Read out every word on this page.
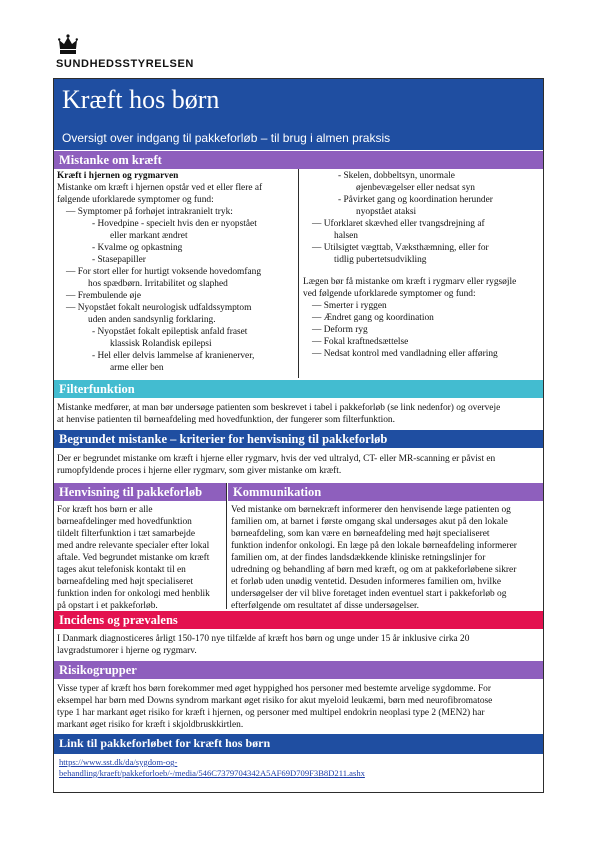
SUNDHEDSSTYRELSEN
Kræft hos børn
Oversigt over indgang til pakkeforløb – til brug i almen praksis
Mistanke om kræft
Kræft i hjernen og rygmarven
Mistanke om kræft i hjernen opstår ved et eller flere af
følgende uforklarede symptomer og fund:
— Symptomer på forhøjet intrakranielt tryk:
- Hovedpine - specielt hvis den er nyopstået
eller markant ændret
- Kvalme og opkastning
- Stasepapiller
— For stort eller for hurtigt voksende hovedomfang
hos spædbørn. Irritabilitet og slaphed
— Frembulende øje
— Nyopstået fokalt neurologisk udfaldssymptom
uden anden sandsynlig forklaring.
- Nyopstået fokalt epileptisk anfald fraset
klassisk Rolandisk epilepsi
- Hel eller delvis lammelse af kranienerver,
arme eller ben
- Skelen, dobbeltsyn, unormale
øjenbevægelser eller nedsat syn
- Påvirket gang og koordination herunder
nyopstået ataksi
— Uforklaret skævhed eller tvangsdrejning af
halsen
— Utilsigtet vægttab, Væksthæmning, eller for
tidlig pubertetsudvikling
Lægen bør få mistanke om kræft i rygmarv eller rygsøjle
ved følgende uforklarede symptomer og fund:
— Smerter i ryggen
— Ændret gang og koordination
— Deform ryg
— Fokal kraftnedsættelse
— Nedsat kontrol med vandladning eller afføring
Filterfunktion
Mistanke medfører, at man bør undersøge patienten som beskrevet i tabel i pakkeforløb (se link nedenfor) og overveje
at henvise patienten til børneafdeling med hovedfunktion, der fungerer som filterfunktion.
Begrundet mistanke – kriterier for henvisning til pakkeforløb
Der er begrundet mistanke om kræft i hjerne eller rygmarv, hvis der ved ultralyd, CT- eller MR-scanning er påvist en
rumopfyldende proces i hjerne eller rygmarv, som giver mistanke om kræft.
Henvisning til pakkeforløb	Kommunikation
For kræft hos børn er alle
børneafdelinger med hovedfunktion
tildelt filterfunktion i tæt samarbejde
med andre relevante specialer efter lokal
aftale. Ved begrundet mistanke om kræft
tages akut telefonisk kontakt til en
børneafdeling med højt specialiseret
funktion inden for onkologi med henblik
på opstart i et pakkeforløb.
Ved mistanke om børnekræft informerer den henvisende læge patienten og
familien om, at barnet i første omgang skal undersøges akut på den lokale
børneafdeling, som kan være en børneafdeling med højt specialiseret
funktion indenfor onkologi. En læge på den lokale børneafdeling informerer
familien om, at der findes landsdækkende kliniske retningslinjer for
udredning og behandling af børn med kræft, og om at pakkeforløbene sikrer
et forløb uden unødig ventetid. Desuden informeres familien om, hvilke
undersøgelser der vil blive foretaget inden eventuel start i pakkeforløb og
efterfølgende om resultatet af disse undersøgelser.
Incidens og prævalens
I Danmark diagnosticeres årligt 150-170 nye tilfælde af kræft hos børn og unge under 15 år inklusive cirka 20
lavgradstumorer i hjerne og rygmarv.
Risikogrupper
Visse typer af kræft hos børn forekommer med øget hyppighed hos personer med bestemte arvelige sygdomme. For
eksempel har børn med Downs syndrom markant øget risiko for akut myeloid leukæmi, børn med neurofibromatose
type 1 har markant øget risiko for kræft i hjernen, og personer med multipel endokrin neoplasi type 2 (MEN2) har
markant øget risiko for kræft i skjoldbruskkirtlen.
Link til pakkeforløbet for kræft hos børn
https://www.sst.dk/da/sygdom-og-
behandling/kraeft/pakkeforloeb/-/media/546C7379704342A5AF69D709F3B8D211.ashx
